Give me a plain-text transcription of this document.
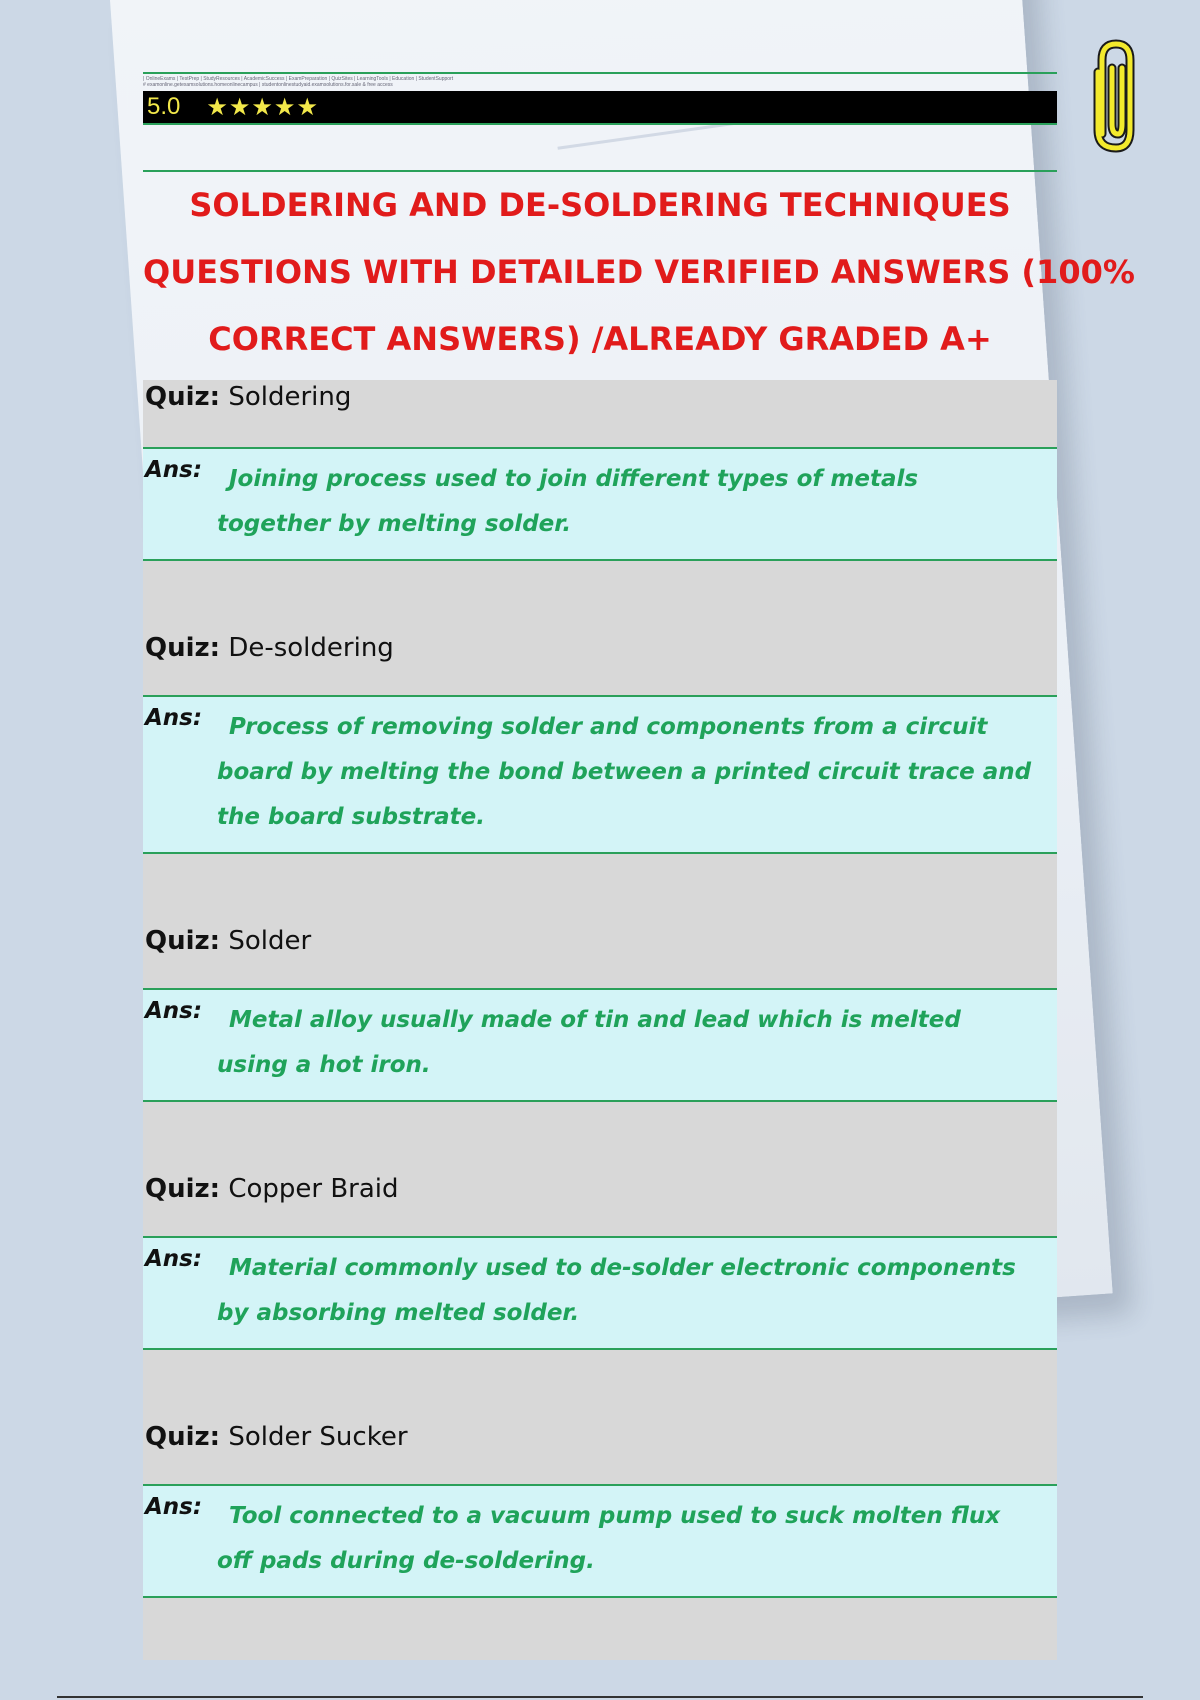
| OnlineExams | TestPrep | StudyResources | AcademicSuccess | ExamPreparation | QuizSites | LearningTools | Education | StudentSupport
# examonline.getexamsolutions.homeonlinecampus | studentonlinestudyaid.examsolutions.for.sale & free access
5.0 ★★★★★
SOLDERING AND DE-SOLDERING TECHNIQUES
QUESTIONS WITH DETAILED VERIFIED ANSWERS (100%
CORRECT ANSWERS) /ALREADY GRADED A+
Quiz: Soldering
Ans:	Joining process used to join different types of metals together by melting solder.
Quiz: De-soldering
Ans:	Process of removing solder and components from a circuit board by melting the bond between a printed circuit trace and the board substrate.
Quiz: Solder
Ans:	Metal alloy usually made of tin and lead which is melted using a hot iron.
Quiz: Copper Braid
Ans:	Material commonly used to de-solder electronic components by absorbing melted solder.
Quiz: Solder Sucker
Ans:	Tool connected to a vacuum pump used to suck molten flux off pads during de-soldering.
